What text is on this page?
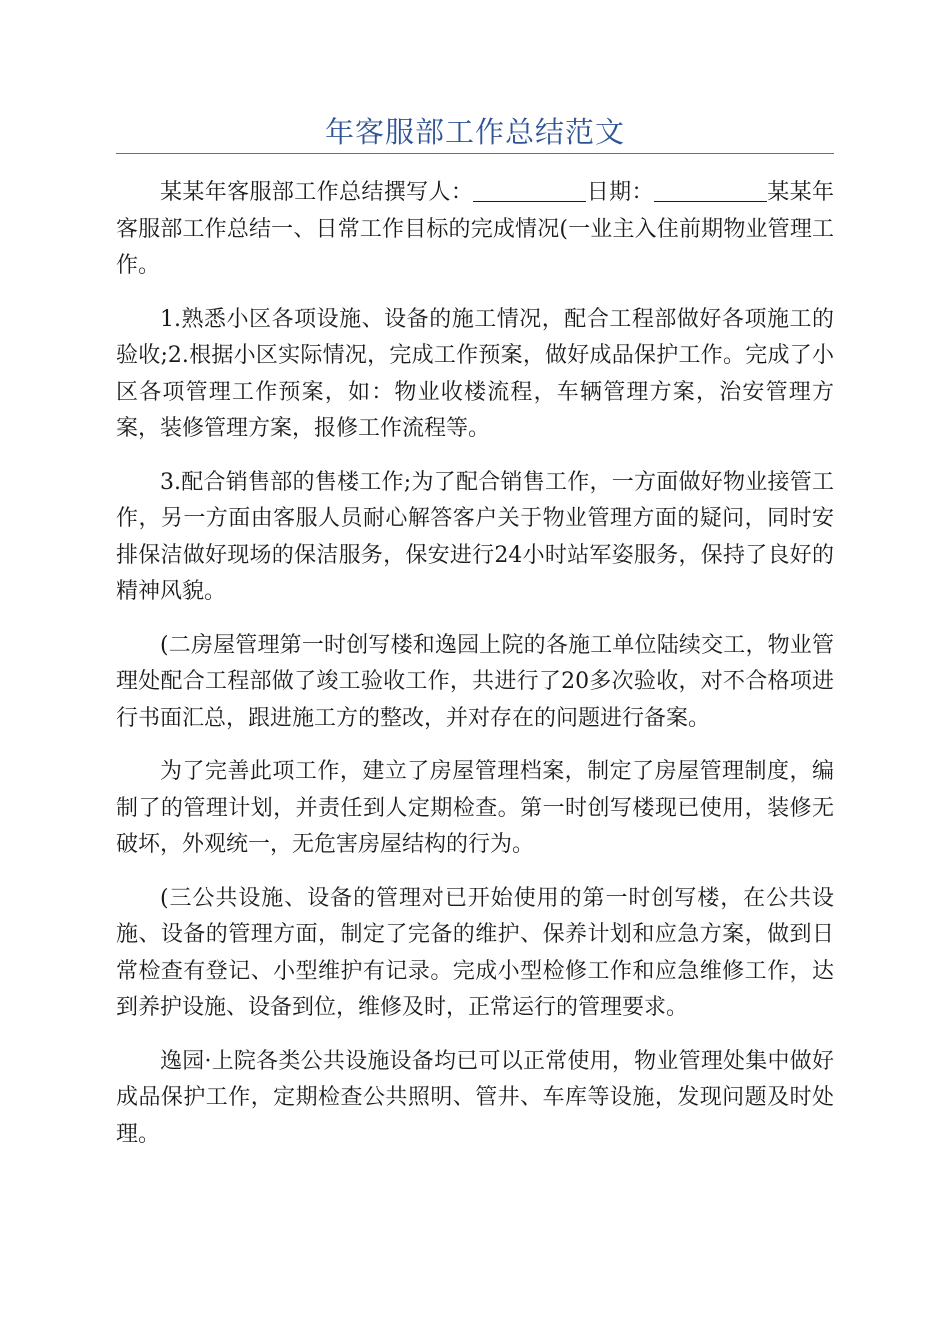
年客服部工作总结范文

某某年客服部工作总结撰写人：	日期：	某某年客服部工作总结一、日常工作目标的完成情况(一业主入住前期物业管理工作。

1.熟悉小区各项设施、设备的施工情况，配合工程部做好各项施工的验收;2.根据小区实际情况，完成工作预案，做好成品保护工作。完成了小区各项管理工作预案，如：物业收楼流程，车辆管理方案，治安管理方案，装修管理方案，报修工作流程等。

3.配合销售部的售楼工作;为了配合销售工作，一方面做好物业接管工作，另一方面由客服人员耐心解答客户关于物业管理方面的疑问，同时安排保洁做好现场的保洁服务，保安进行24小时站军姿服务，保持了良好的精神风貌。

(二房屋管理第一时创写楼和逸园上院的各施工单位陆续交工，物业管理处配合工程部做了竣工验收工作，共进行了20多次验收，对不合格项进行书面汇总，跟进施工方的整改，并对存在的问题进行备案。

为了完善此项工作，建立了房屋管理档案，制定了房屋管理制度，编制了的管理计划，并责任到人定期检查。第一时创写楼现已使用，装修无破坏，外观统一，无危害房屋结构的行为。

(三公共设施、设备的管理对已开始使用的第一时创写楼，在公共设施、设备的管理方面，制定了完备的维护、保养计划和应急方案，做到日常检查有登记、小型维护有记录。完成小型检修工作和应急维修工作，达到养护设施、设备到位，维修及时，正常运行的管理要求。

逸园·上院各类公共设施设备均已可以正常使用，物业管理处集中做好成品保护工作，定期检查公共照明、管井、车库等设施，发现问题及时处理。
